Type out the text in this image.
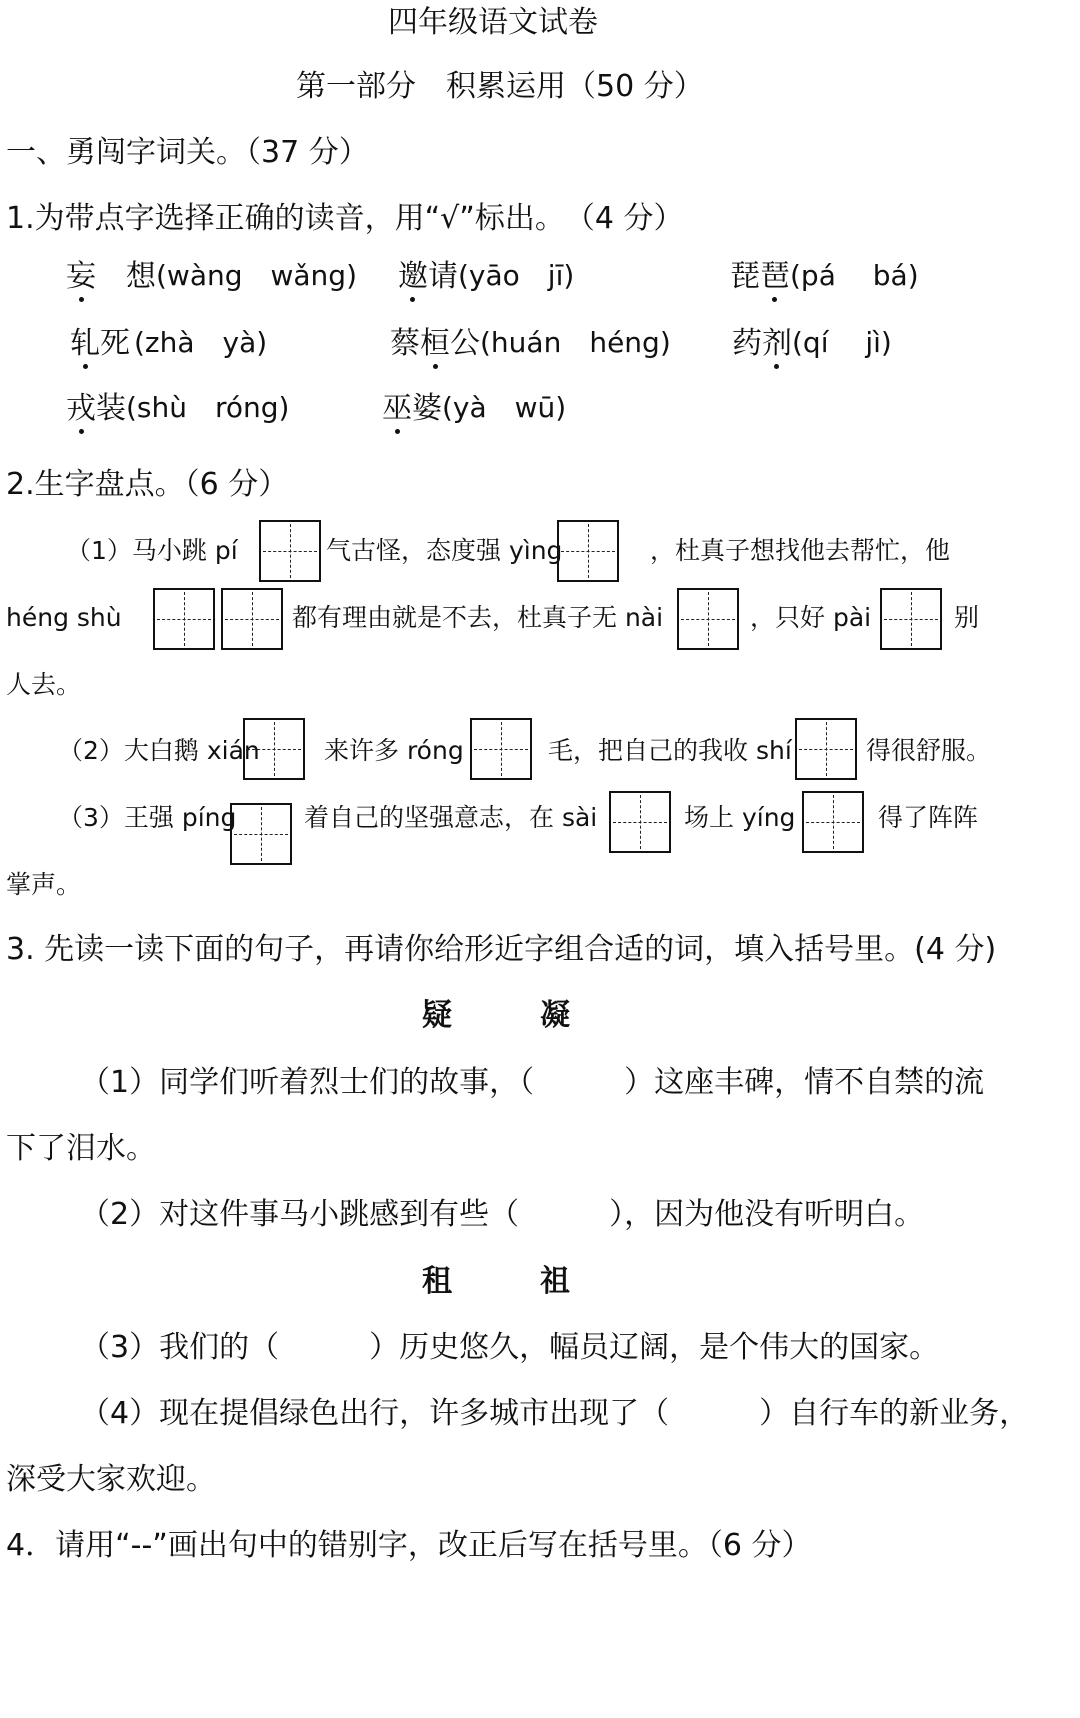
四年级语文试卷
第一部分　积累运用（50 分）
一、勇闯字词关。（37 分）
1.为带点字选择正确的读音，用“√”标出。　（4 分）
妄　想 (wàng　wǎng) 邀请 (yāo　jī)	琵琶 (pá　 bá)
轧死 (zhà　yà)	蔡桓公 (huán　héng) 药剂 (qí　 jì)
戎装 (shù　róng)	巫婆 (yà　wū)
2.生字盘点。（6 分）
（1）马小跳 pí	气古怪，态度强 yìng	，杜真子想找他去帮忙，他
héng shù	都有理由就是不去，杜真子无 nài	，只好 pài	别
人去。
（2）大白鹅 xián	来许多 róng	毛，把自己的我收 shí	得很舒服。
（3）王强 píng	着自己的坚强意志，在 sài	场上 yíng	得了阵阵
掌声。
3. 先读一读下面的句子，再请你给形近字组合适的词，填入括号里。(4 分)
疑	凝
（1）同学们听着烈士们的故事，（　　　）这座丰碑，情不自禁的流
下了泪水。
（2）对这件事马小跳感到有些（　　　），因为他没有听明白。
租	祖
（3）我们的（　　　）历史悠久，幅员辽阔，是个伟大的国家。
（4）现在提倡绿色出行，许多城市出现了（　　　）自行车的新业务，
深受大家欢迎。
4．请用“--”画出句中的错别字，改正后写在括号里。（6 分）
